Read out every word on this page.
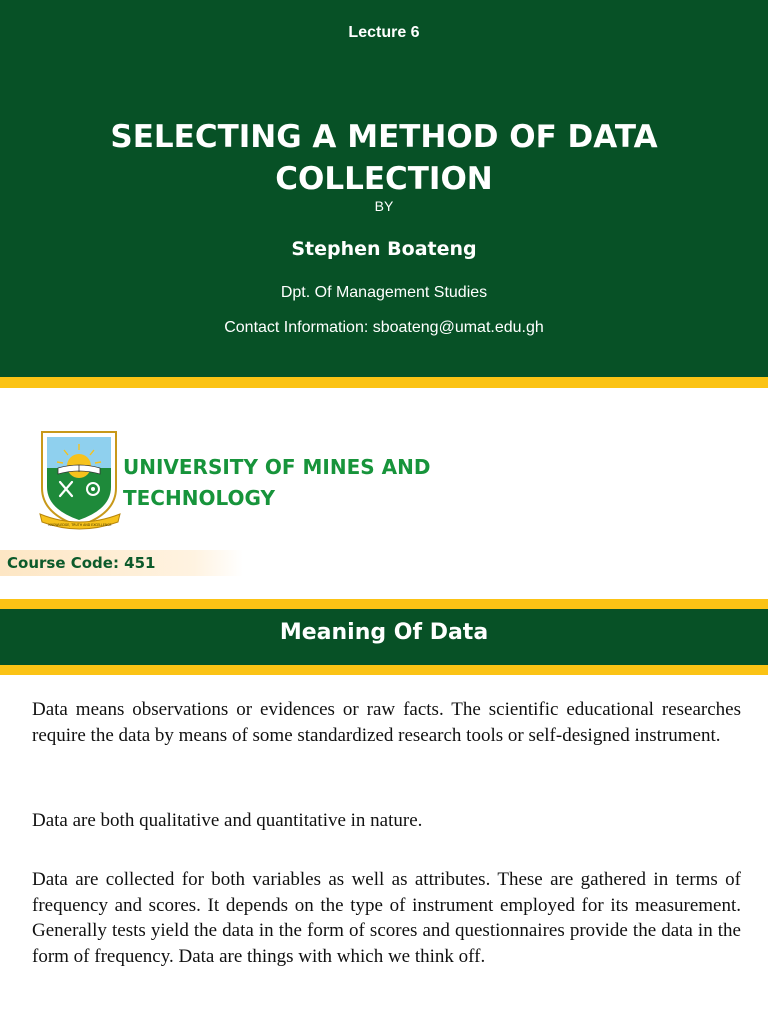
Lecture 6
SELECTING A METHOD OF DATA COLLECTION
BY
Stephen Boateng
Dpt. Of Management Studies
Contact Information: sboateng@umat.edu.gh
KNOWLEDGE, TRUTH AND EXCELLENCE
UNIVERSITY OF MINES AND
TECHNOLOGY
Course Code: 451
Meaning Of Data

Data means observations or evidences or raw facts. The scientific educational researches require the data by means of some standardized research tools or self-designed instrument.

Data are both qualitative and quantitative in nature.

Data are collected for both variables as well as attributes. These are gathered in terms of frequency and scores. It depends on the type of instrument employed for its measurement. Generally tests yield the data in the form of scores and questionnaires provide the data in the form of frequency. Data are things with which we think off.
